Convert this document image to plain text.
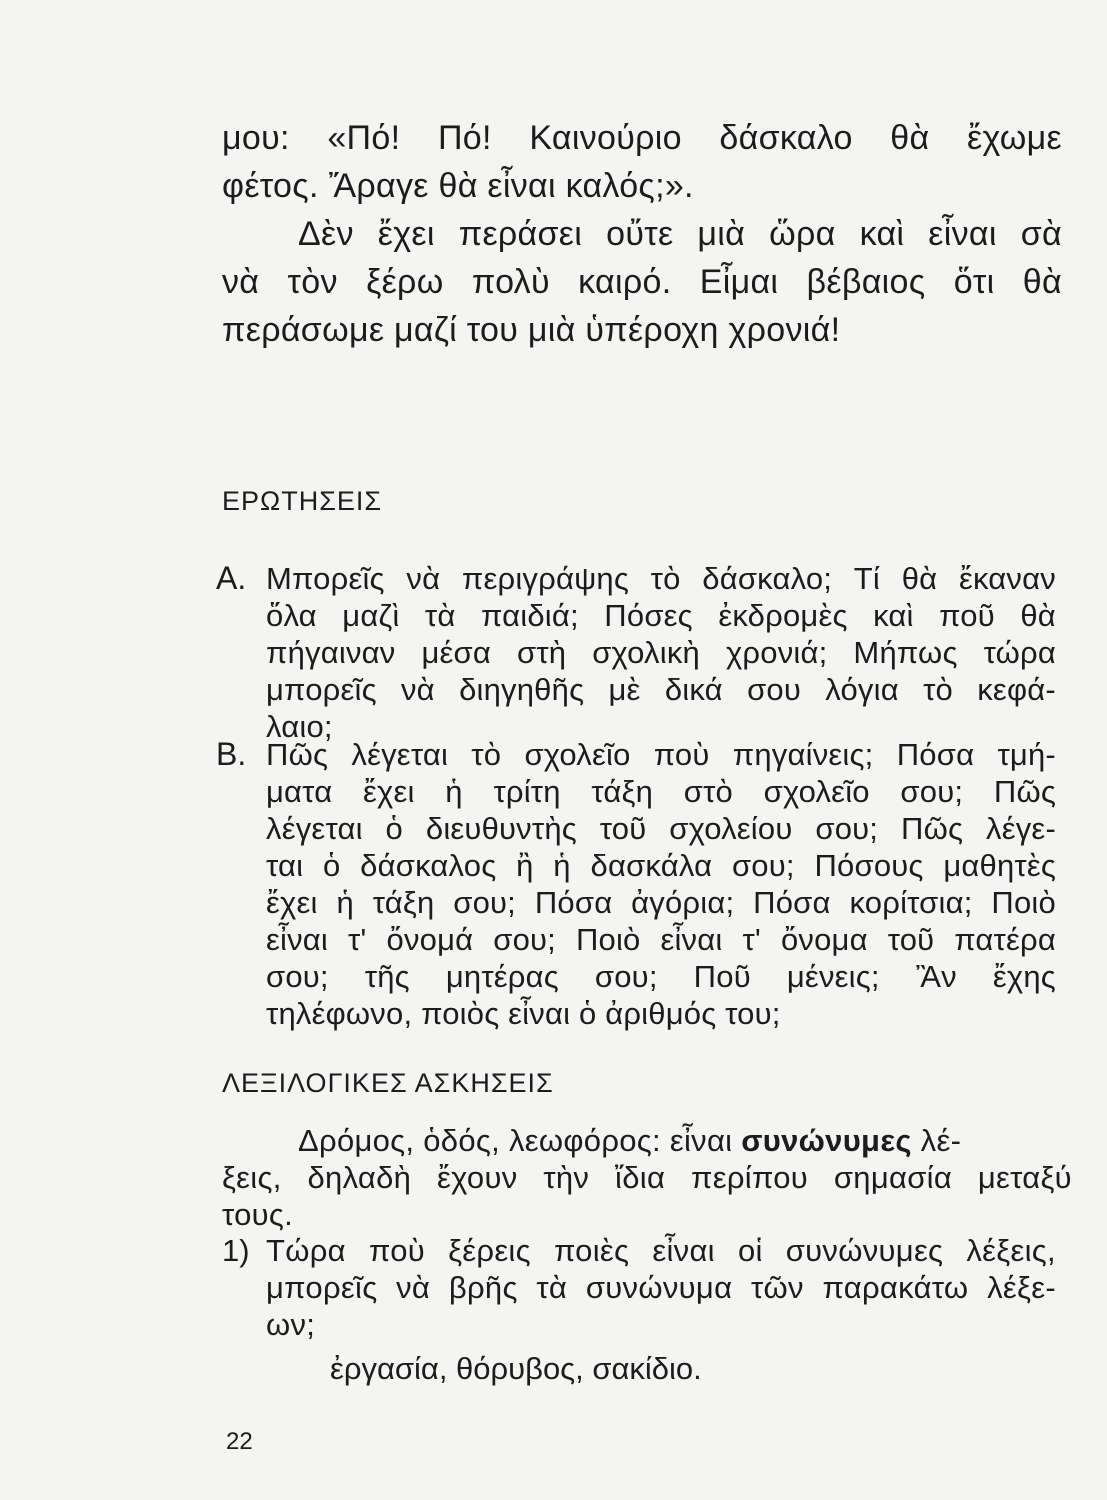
μου: «Πό! Πό! Καινούριο δάσκαλο θὰ ἔχωμε
φέτος. Ἄραγε θὰ εἶναι καλός;».
Δὲν ἔχει περάσει οὔτε μιὰ ὥρα καὶ εἶναι σὰ
νὰ τὸν ξέρω πολὺ καιρό. Εἶμαι βέβαιος ὅτι θὰ
περάσωμε μαζί του μιὰ ὑπέροχη χρονιά!
ΕΡΩΤΗΣΕΙΣ
Α. Μπορεῖς νὰ περιγράψης τὸ δάσκαλο; Τί θὰ ἔκαναν
ὅλα μαζὶ τὰ παιδιά; Πόσες ἐκδρομὲς καὶ ποῦ θὰ
πήγαιναν μέσα στὴ σχολικὴ χρονιά; Μήπως τώρα
μπορεῖς νὰ διηγηθῆς μὲ δικά σου λόγια τὸ κεφά-
λαιο;
Β. Πῶς λέγεται τὸ σχολεῖο ποὺ πηγαίνεις; Πόσα τμή-
ματα ἔχει ἡ τρίτη τάξη στὸ σχολεῖο σου; Πῶς
λέγεται ὁ διευθυντὴς τοῦ σχολείου σου; Πῶς λέγε-
ται ὁ δάσκαλος ἢ ἡ δασκάλα σου; Πόσους μαθητὲς
ἔχει ἡ τάξη σου; Πόσα ἀγόρια; Πόσα κορίτσια; Ποιὸ
εἶναι τ' ὄνομά σου; Ποιὸ εἶναι τ' ὄνομα τοῦ πατέρα
σου; τῆς μητέρας σου; Ποῦ μένεις; Ἂν ἔχης
τηλέφωνο, ποιὸς εἶναι ὁ ἀριθμός του;
ΛΕΞΙΛΟΓΙΚΕΣ ΑΣΚΗΣΕΙΣ
Δρόμος, ὁδός, λεωφόρος: εἶναι συνώνυμες λέ-
ξεις, δηλαδὴ ἔχουν τὴν ἴδια περίπου σημασία μεταξύ
τους.
1) Τώρα ποὺ ξέρεις ποιὲς εἶναι οἱ συνώνυμες λέξεις,
μπορεῖς νὰ βρῆς τὰ συνώνυμα τῶν παρακάτω λέξε-
ων;
ἐργασία, θόρυβος, σακίδιο.
22
